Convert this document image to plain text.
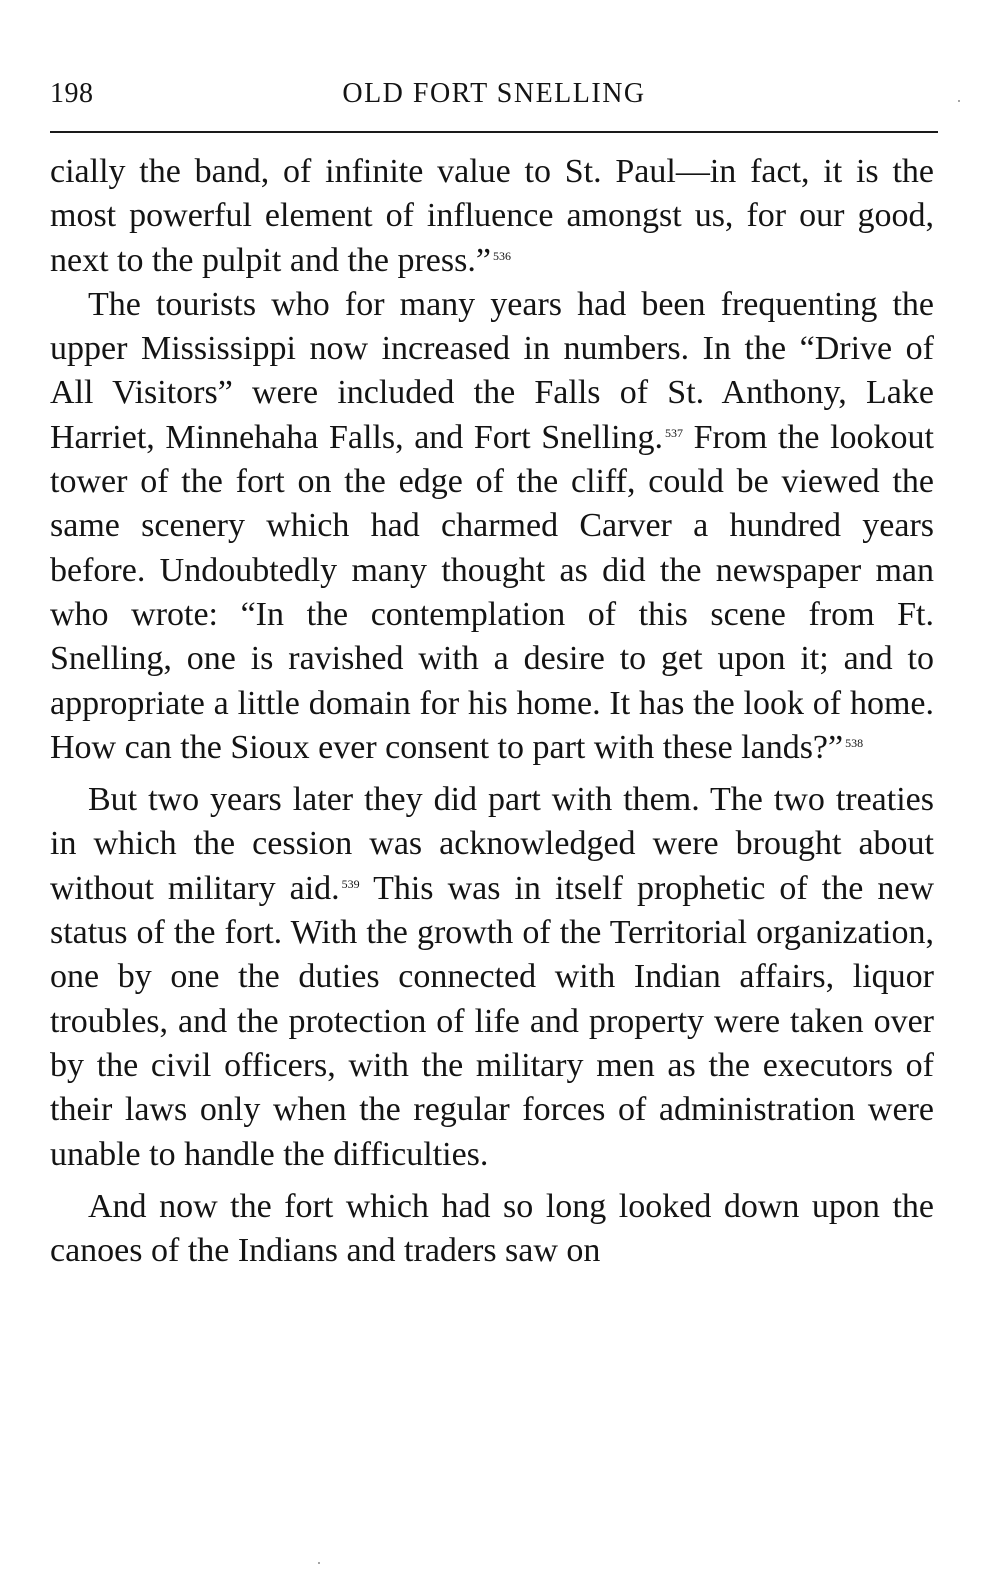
198	OLD FORT SNELLING

cially the band, of infinite value to St. Paul—in fact, it is the most powerful element of influence amongst us, for our good, next to the pulpit and the press.” $^{536}$

The tourists who for many years had been frequenting the upper Mississippi now increased in numbers. In the “Drive of All Visitors” were included the Falls of St. Anthony, Lake Harriet, Minnehaha Falls, and Fort Snelling. $^{537}$ From the lookout tower of the fort on the edge of the cliff, could be viewed the same scenery which had charmed Carver a hundred years before. Undoubtedly many thought as did the newspaper man who wrote: “In the contemplation of this scene from Ft. Snelling, one is ravished with a desire to get upon it; and to appropriate a little domain for his home. It has the look of home. How can the Sioux ever consent to part with these lands?” $^{538}$

But two years later they did part with them. The two treaties in which the cession was acknowledged were brought about without military aid. $^{539}$ This was in itself prophetic of the new status of the fort. With the growth of the Territorial organization, one by one the duties connected with Indian affairs, liquor troubles, and the protection of life and property were taken over by the civil officers, with the military men as the executors of their laws only when the regular forces of administration were unable to handle the difficulties.

And now the fort which had so long looked down upon the canoes of the Indians and traders saw on
